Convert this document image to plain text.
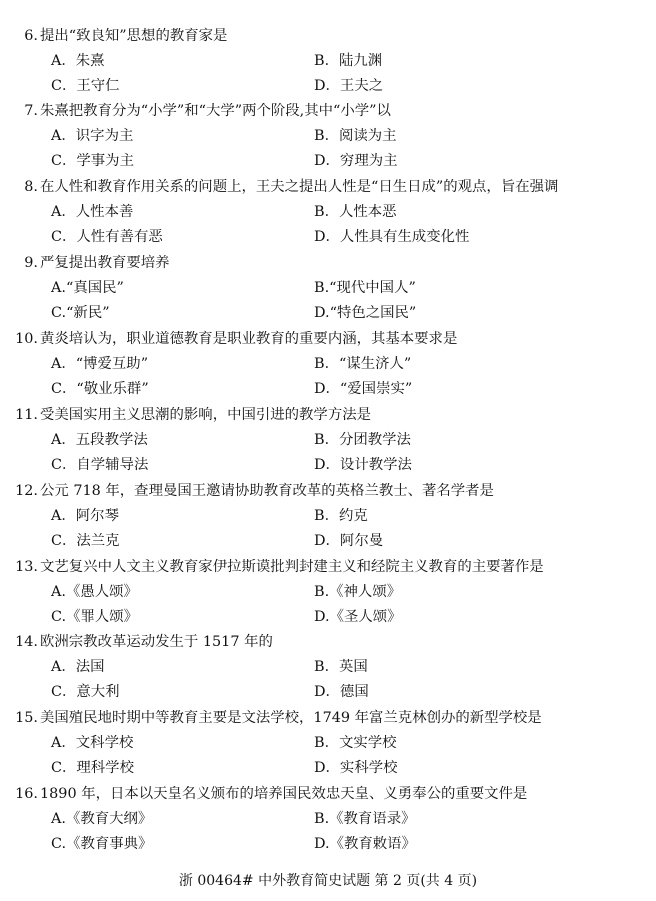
6. 提出“致良知”思想的教育家是
A．朱熹	B．陆九渊
C．王守仁	D．王夫之
7. 朱熹把教育分为“小学”和“大学”两个阶段,其中“小学”以
A．识字为主	B．阅读为主
C．学事为主	D．穷理为主
8. 在人性和教育作用关系的问题上，王夫之提出人性是“日生日成”的观点，旨在强调
A．人性本善	B．人性本恶
C．人性有善有恶	D．人性具有生成变化性
9. 严复提出教育要培养
A.“真国民”	B.“现代中国人”
C.“新民”	D.“特色之国民”
10. 黄炎培认为，职业道德教育是职业教育的重要内涵，其基本要求是
A．“博爱互助”	B．“谋生济人”
C．“敬业乐群”	D．“爱国崇实”
11. 受美国实用主义思潮的影响，中国引进的教学方法是
A．五段教学法	B．分团教学法
C．自学辅导法	D．设计教学法
12. 公元 718 年，查理曼国王邀请协助教育改革的英格兰教士、著名学者是
A．阿尔琴	B．约克
C．法兰克	D．阿尔曼
13. 文艺复兴中人文主义教育家伊拉斯谟批判封建主义和经院主义教育的主要著作是
A.《愚人颂》	B.《神人颂》
C.《罪人颂》	D.《圣人颂》
14. 欧洲宗教改革运动发生于 1517 年的
A．法国	B．英国
C．意大利	D．德国
15. 美国殖民地时期中等教育主要是文法学校，1749 年富兰克林创办的新型学校是
A．文科学校	B．文实学校
C．理科学校	D．实科学校
16. 1890 年，日本以天皇名义颁布的培养国民效忠天皇、义勇奉公的重要文件是
A.《教育大纲》	B.《教育语录》
C.《教育事典》	D.《教育敕语》
浙 00464# 中外教育简史试题 第 2 页(共 4 页)
